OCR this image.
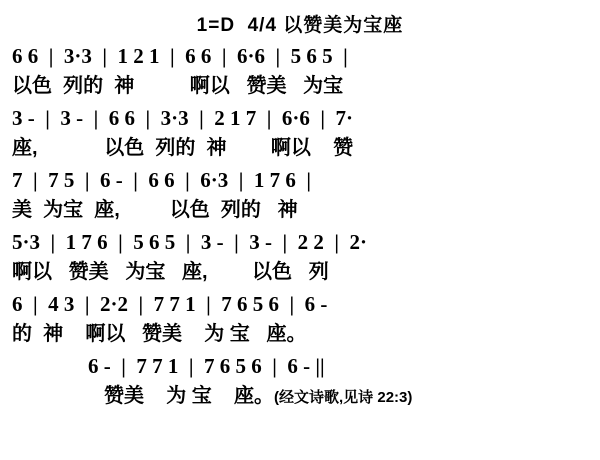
1=D  4/4 以赞美为宝座
6 6  |  3·3  |  1 2 1  |  6 6  |  6·6  |  5 6 5  |
以色  列的  神          啊以   赞美   为宝
3 -  |  3 -  |  6 6  |  3·3  |  2 1 7  |  6·6  |  7·
座,            以色  列的  神        啊以    赞
7  |  7 5  |  6 -  |  6 6  |  6·3  |  1 7 6  |
美  为宝  座,         以色  列的   神
5·3  |  1 7 6  |  5 6 5  |  3 -  |  3 -  |  2 2  |  2·
啊以   赞美   为宝   座,        以色   列
6  |  4 3  |  2·2  |  7 7 1  |  7 6 5 6  |  6 -
的  神    啊以   赞美    为 宝   座。
6 -  |  7 7 1  |  7 6 5 6  |  6 - ||
赞美    为 宝    座。(经文诗歌,见诗 22:3)
